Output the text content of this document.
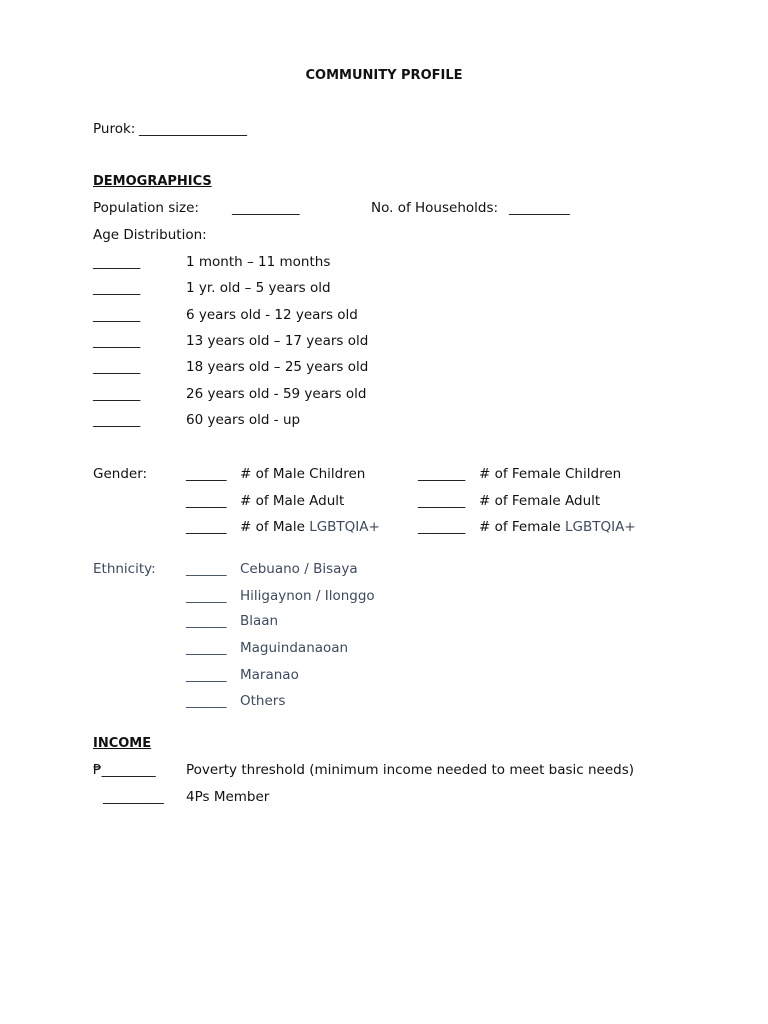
COMMUNITY PROFILE
Purok: ________________
DEMOGRAPHICS
Population size: __________	No. of Households: _________
Age Distribution:
_______	1 month – 11 months
_______	1 yr. old – 5 years old
_______	6 years old - 12 years old
_______	13 years old – 17 years old
_______	18 years old – 25 years old
_______	26 years old - 59 years old
_______	60 years old - up
Gender:	______ # of Male Children	_______ # of Female Children
______ # of Male Adult	_______ # of Female Adult
______ # of Male LGBTQIA+	_______ # of Female LGBTQIA+
Ethnicity: ______ Cebuano / Bisaya
______ Hiligaynon / Ilonggo
______ Blaan
______ Maguindanaoan
______ Maranao
______ Others
INCOME
₱________ Poverty threshold (minimum income needed to meet basic needs)
_________ 4Ps Member
